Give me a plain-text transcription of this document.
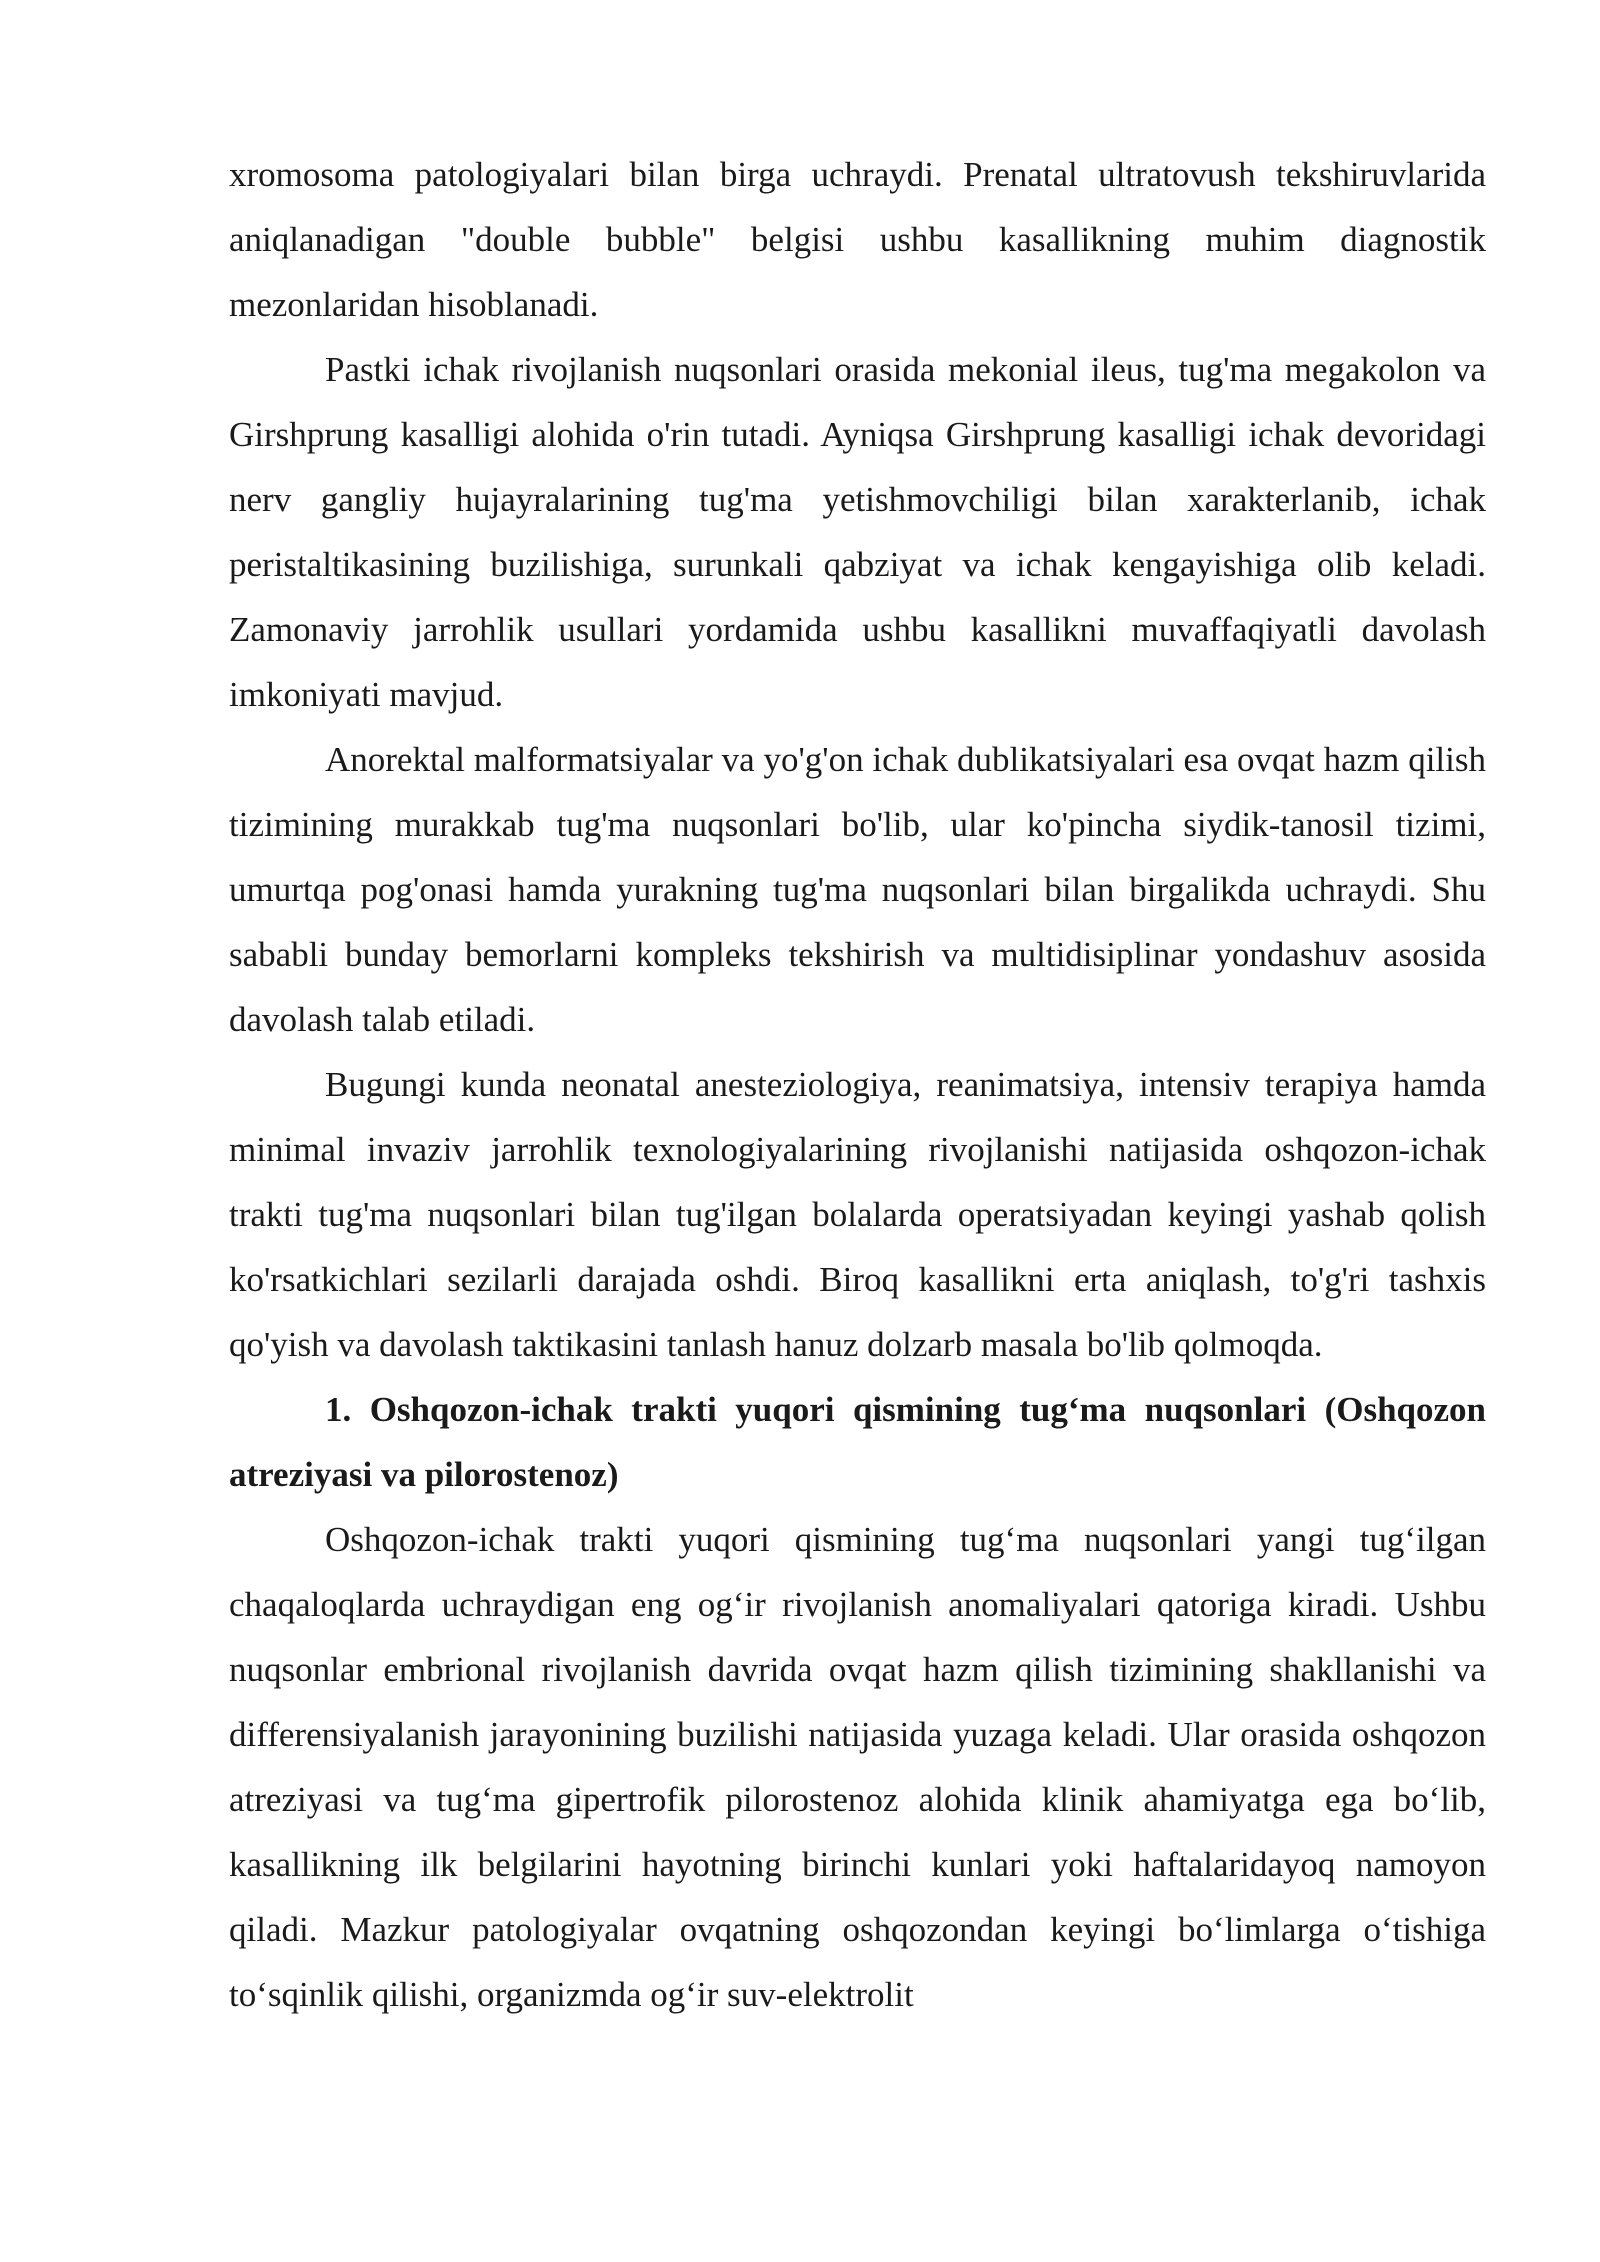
xromosoma patologiyalari bilan birga uchraydi. Prenatal ultratovush tekshiruvlarida aniqlanadigan "double bubble" belgisi ushbu kasallikning muhim diagnostik mezonlaridan hisoblanadi.

Pastki ichak rivojlanish nuqsonlari orasida mekonial ileus, tug'ma megakolon va Girshprung kasalligi alohida o'rin tutadi. Ayniqsa Girshprung kasalligi ichak devoridagi nerv gangliy hujayralarining tug'ma yetishmovchiligi bilan xarakterlanib, ichak peristaltikasining buzilishiga, surunkali qabziyat va ichak kengayishiga olib keladi. Zamonaviy jarrohlik usullari yordamida ushbu kasallikni muvaffaqiyatli davolash imkoniyati mavjud.

Anorektal malformatsiyalar va yo'g'on ichak dublikatsiyalari esa ovqat hazm qilish tizimining murakkab tug'ma nuqsonlari bo'lib, ular ko'pincha siydik-tanosil tizimi, umurtqa pog'onasi hamda yurakning tug'ma nuqsonlari bilan birgalikda uchraydi. Shu sababli bunday bemorlarni kompleks tekshirish va multidisiplinar yondashuv asosida davolash talab etiladi.

Bugungi kunda neonatal anesteziologiya, reanimatsiya, intensiv terapiya hamda minimal invaziv jarrohlik texnologiyalarining rivojlanishi natijasida oshqozon-ichak trakti tug'ma nuqsonlari bilan tug'ilgan bolalarda operatsiyadan keyingi yashab qolish ko'rsatkichlari sezilarli darajada oshdi. Biroq kasallikni erta aniqlash, to'g'ri tashxis qo'yish va davolash taktikasini tanlash hanuz dolzarb masala bo'lib qolmoqda.

1. Oshqozon-ichak trakti yuqori qismining tug‘ma nuqsonlari (Oshqozon atreziyasi va pilorostenoz)

Oshqozon-ichak trakti yuqori qismining tug‘ma nuqsonlari yangi tug‘ilgan chaqaloqlarda uchraydigan eng og‘ir rivojlanish anomaliyalari qatoriga kiradi. Ushbu nuqsonlar embrional rivojlanish davrida ovqat hazm qilish tizimining shakllanishi va differensiyalanish jarayonining buzilishi natijasida yuzaga keladi. Ular orasida oshqozon atreziyasi va tug‘ma gipertrofik pilorostenoz alohida klinik ahamiyatga ega bo‘lib, kasallikning ilk belgilarini hayotning birinchi kunlari yoki haftalaridayoq namoyon qiladi. Mazkur patologiyalar ovqatning oshqozondan keyingi bo‘limlarga o‘tishiga to‘sqinlik qilishi, organizmda og‘ir suv-elektrolit
